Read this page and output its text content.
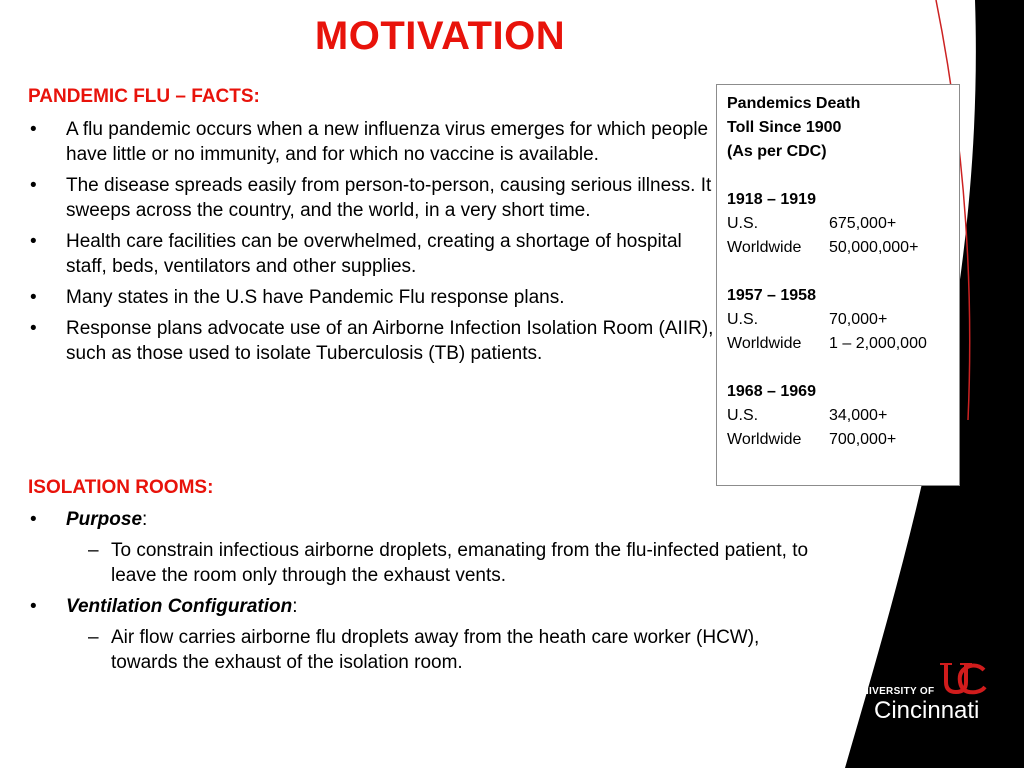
MOTIVATION
PANDEMIC FLU – FACTS:
• A flu pandemic occurs when a new influenza virus emerges for which people have little or no immunity, and for which no vaccine is available.
• The disease spreads easily from person-to-person, causing serious illness. It sweeps across the country, and the world, in a very short time.
• Health care facilities can be overwhelmed, creating a shortage of hospital staff, beds, ventilators and other supplies.
• Many states in the U.S have Pandemic Flu response plans.
• Response plans advocate use of an Airborne Infection Isolation Room (AIIR), such as those used to isolate Tuberculosis (TB) patients.
ISOLATION ROOMS:
• Purpose:
– To constrain infectious airborne droplets, emanating from the flu-infected patient, to leave the room only through the exhaust vents.
• Ventilation Configuration:
– Air flow carries airborne flu droplets away from the heath care worker (HCW), towards the exhaust of the isolation room.
Pandemics Death
Toll Since 1900
(As per CDC)
1918 – 1919
U.S.	675,000+
Worldwide	50,000,000+
1957 – 1958
U.S.	70,000+
Worldwide	1 – 2,000,000
1968 – 1969
U.S.	34,000+
Worldwide	700,000+
UNIVERSITY OF
Cincinnati
